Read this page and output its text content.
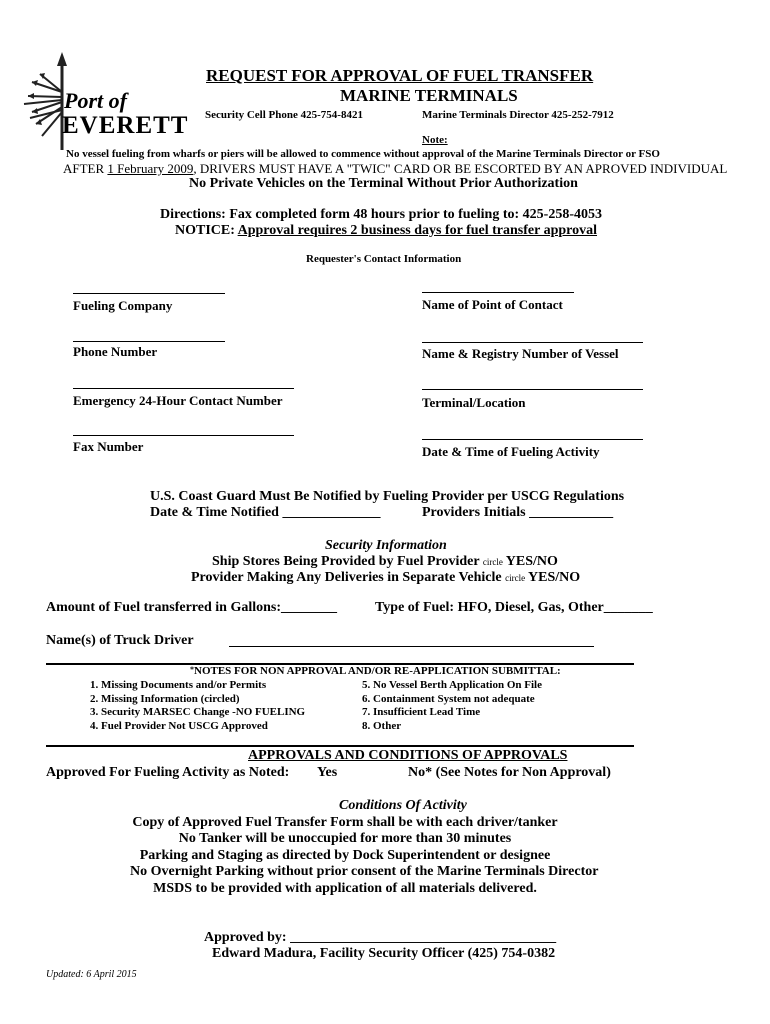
Port of
EVERETT
REQUEST FOR APPROVAL OF FUEL TRANSFER
MARINE TERMINALS
Security Cell Phone 425-754-8421	Marine Terminals Director 425-252-7912
Note:
No vessel fueling from wharfs or piers will be allowed to commence without approval of the Marine Terminals Director or FSO
AFTER 1 February 2009, DRIVERS MUST HAVE A "TWIC" CARD OR BE ESCORTED BY AN APROVED INDIVIDUAL
No Private Vehicles on the Terminal Without Prior Authorization
Directions: Fax completed form 48 hours prior to fueling to: 425-258-4053
NOTICE: Approval requires 2 business days for fuel transfer approval
Requester's Contact Information
Fueling Company	Name of Point of Contact
Phone Number	Name & Registry Number of Vessel
Emergency 24-Hour Contact Number	Terminal/Location
Fax Number	Date & Time of Fueling Activity
U.S. Coast Guard Must Be Notified by Fueling Provider per USCG Regulations
Date & Time Notified ______________	Providers Initials ____________
Security Information
Ship Stores Being Provided by Fuel Provider circle YES/NO
Provider Making Any Deliveries in Separate Vehicle circle YES/NO
Amount of Fuel transferred in Gallons:________	Type of Fuel: HFO, Diesel, Gas, Other_______
Name(s) of Truck Driver
*NOTES FOR NON APPROVAL AND/OR RE-APPLICATION SUBMITTAL:
1. Missing Documents and/or Permits
2. Missing Information (circled)
3. Security MARSEC Change -NO FUELING
4. Fuel Provider Not USCG Approved
5. No Vessel Berth Application On File
6. Containment System not adequate
7. Insufficient Lead Time
8. Other
APPROVALS AND CONDITIONS OF APPROVALS
Approved For Fueling Activity as Noted: Yes	No* (See Notes for Non Approval)
Conditions Of Activity
Copy of Approved Fuel Transfer Form shall be with each driver/tanker
No Tanker will be unoccupied for more than 30 minutes
Parking and Staging as directed by Dock Superintendent or designee
No Overnight Parking without prior consent of the Marine Terminals Director
MSDS to be provided with application of all materials delivered.
Approved by: ______________________________________
Edward Madura, Facility Security Officer (425) 754-0382
Updated: 6 April 2015
